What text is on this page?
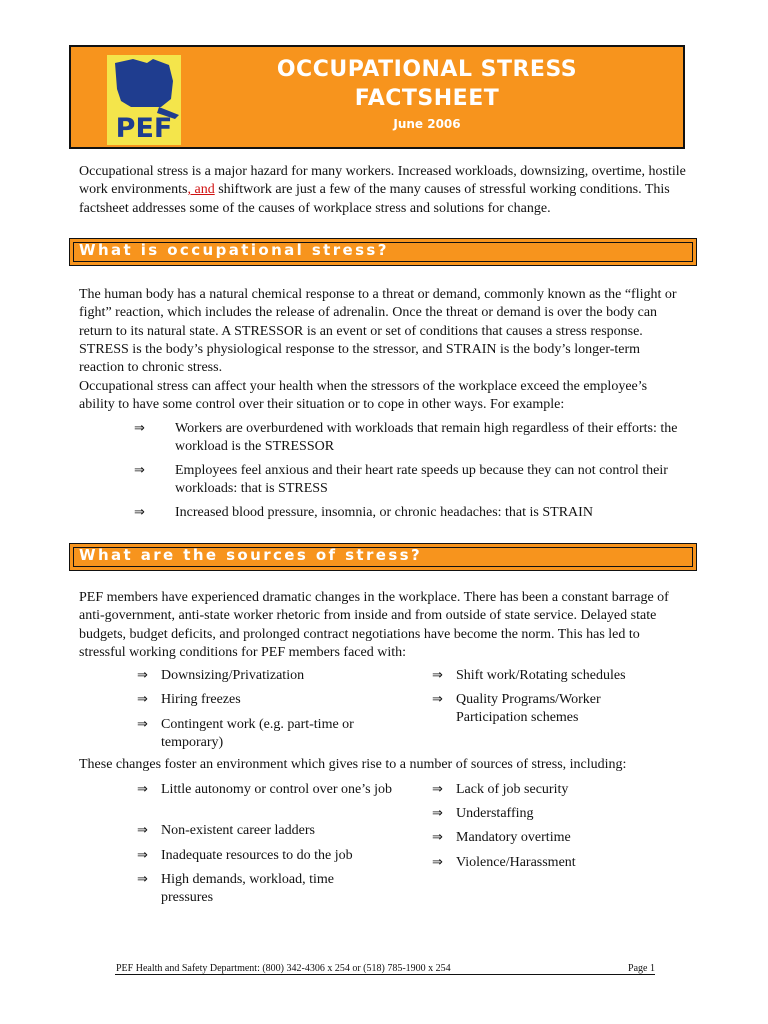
PEF
OCCUPATIONAL STRESS
FACTSHEET
June 2006
Occupational stress is a major hazard for many workers. Increased workloads, downsizing, overtime, hostile work environments, and shiftwork are just a few of the many causes of stressful working conditions. This factsheet addresses some of the causes of workplace stress and solutions for change.
What is occupational stress?
The human body has a natural chemical response to a threat or demand, commonly known as the “flight or fight” reaction, which includes the release of adrenalin. Once the threat or demand is over the body can return to its natural state. A STRESSOR is an event or set of conditions that causes a stress response. STRESS is the body’s physiological response to the stressor, and STRAIN is the body’s longer-term reaction to chronic stress.
Occupational stress can affect your health when the stressors of the workplace exceed the employee’s ability to have some control over their situation or to cope in other ways. For example:
⇒	Workers are overburdened with workloads that remain high regardless of their efforts: the workload is the STRESSOR
⇒	Employees feel anxious and their heart rate speeds up because they can not control their workloads: that is STRESS
⇒	Increased blood pressure, insomnia, or chronic headaches: that is STRAIN
What are the sources of stress?
PEF members have experienced dramatic changes in the workplace. There has been a constant barrage of anti-government, anti-state worker rhetoric from inside and from outside of state service. Delayed state budgets, budget deficits, and prolonged contract negotiations have become the norm. This has led to stressful working conditions for PEF members faced with:
⇒ Downsizing/Privatization
⇒ Hiring freezes
⇒ Contingent work (e.g. part-time or temporary)
⇒ Shift work/Rotating schedules
⇒ Quality Programs/Worker Participation schemes
These changes foster an environment which gives rise to a number of sources of stress, including:
⇒ Little autonomy or control over one’s job
⇒ Non-existent career ladders
⇒ Inadequate resources to do the job
⇒ High demands, workload, time pressures
⇒ Lack of job security
⇒ Understaffing
⇒ Mandatory overtime
⇒ Violence/Harassment
PEF Health and Safety Department: (800) 342-4306 x 254 or (518) 785-1900 x 254	Page 1
